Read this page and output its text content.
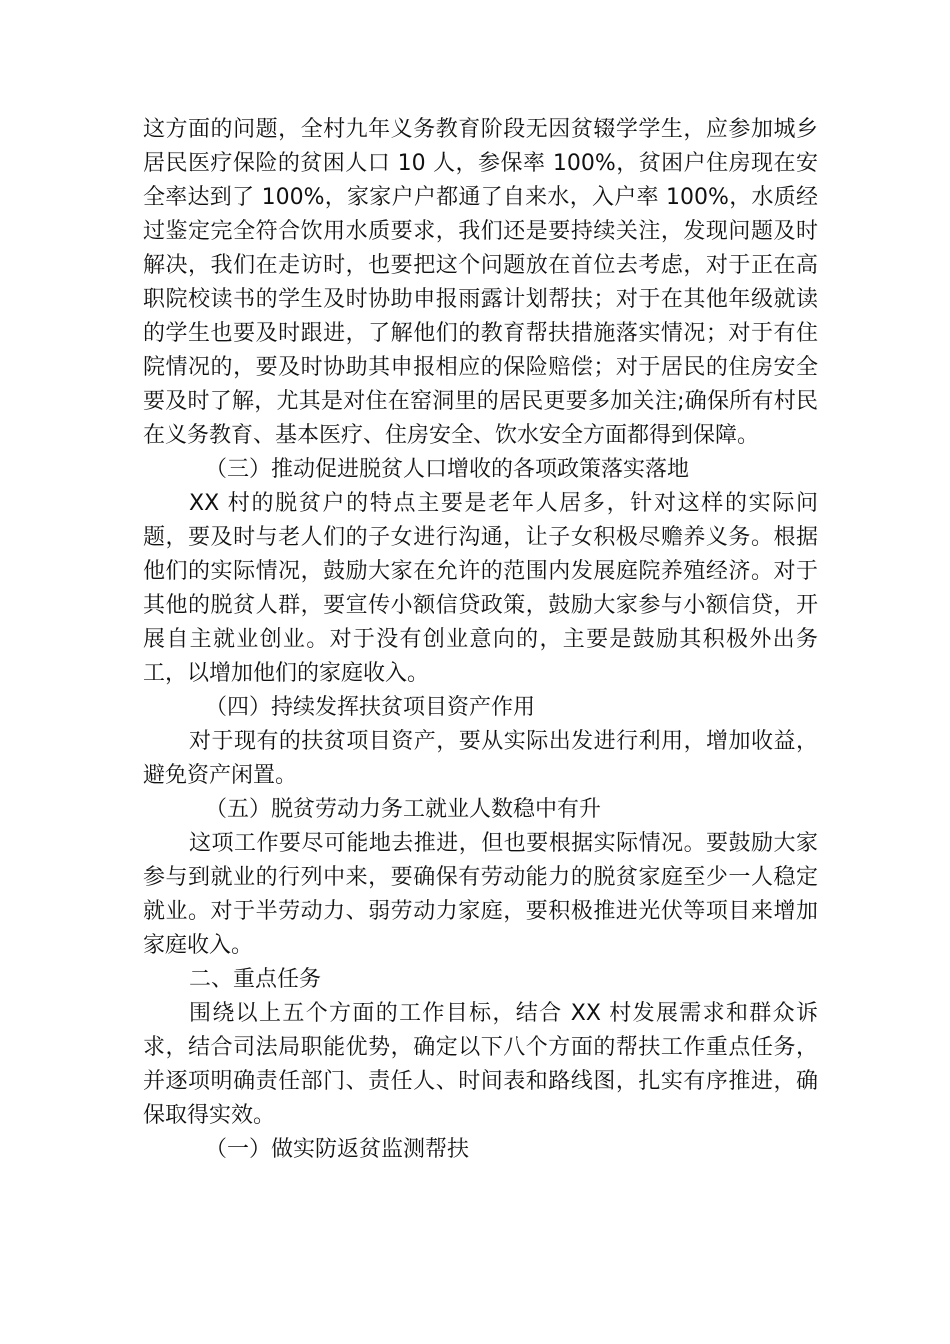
这方面的问题，全村九年义务教育阶段无因贫辍学学生，应参加城乡居民医疗保险的贫困人口 10 人，参保率 100%，贫困户住房现在安全率达到了 100%，家家户户都通了自来水，入户率 100%，水质经过鉴定完全符合饮用水质要求，我们还是要持续关注，发现问题及时解决，我们在走访时，也要把这个问题放在首位去考虑，对于正在高职院校读书的学生及时协助申报雨露计划帮扶；对于在其他年级就读的学生也要及时跟进，了解他们的教育帮扶措施落实情况；对于有住院情况的，要及时协助其申报相应的保险赔偿；对于居民的住房安全要及时了解，尤其是对住在窑洞里的居民更要多加关注;确保所有村民在义务教育、基本医疗、住房安全、饮水安全方面都得到保障。

（三）推动促进脱贫人口增收的各项政策落实落地

XX 村的脱贫户的特点主要是老年人居多，针对这样的实际问题，要及时与老人们的子女进行沟通，让子女积极尽赡养义务。根据他们的实际情况，鼓励大家在允许的范围内发展庭院养殖经济。对于其他的脱贫人群，要宣传小额信贷政策，鼓励大家参与小额信贷，开展自主就业创业。对于没有创业意向的，主要是鼓励其积极外出务工，以增加他们的家庭收入。

（四）持续发挥扶贫项目资产作用

对于现有的扶贫项目资产，要从实际出发进行利用，增加收益，避免资产闲置。

（五）脱贫劳动力务工就业人数稳中有升

这项工作要尽可能地去推进，但也要根据实际情况。要鼓励大家参与到就业的行列中来，要确保有劳动能力的脱贫家庭至少一人稳定就业。对于半劳动力、弱劳动力家庭，要积极推进光伏等项目来增加家庭收入。

二、重点任务

围绕以上五个方面的工作目标，结合 XX 村发展需求和群众诉求，结合司法局职能优势，确定以下八个方面的帮扶工作重点任务，并逐项明确责任部门、责任人、时间表和路线图，扎实有序推进，确保取得实效。

（一）做实防返贫监测帮扶
